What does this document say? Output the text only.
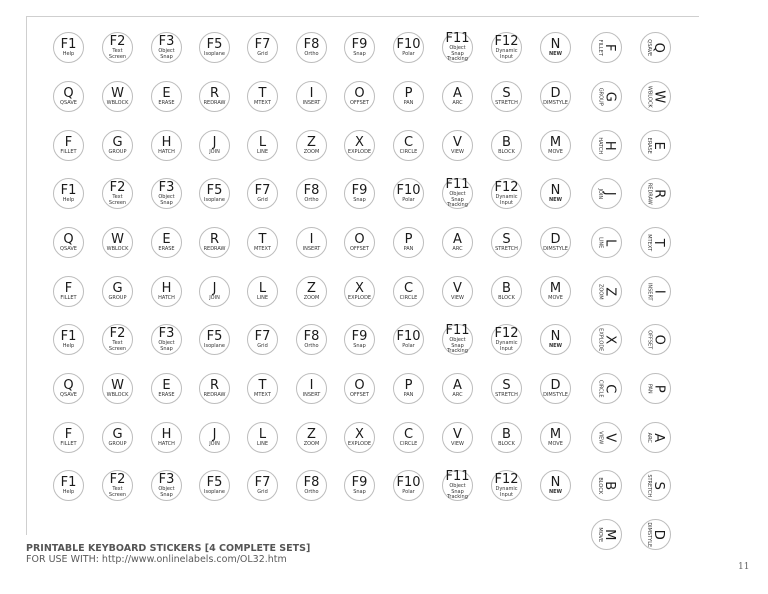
F1
Help
F2
Text
Screen
F3
Object
Snap
F5
Isoplane
F7
Grid
F8
Ortho
F9
Snap
F10
Polar
F11
Object Snap
Tracking
F12
Dynamic
Input
N
NEW
Q
QSAVE
W
WBLOCK
E
ERASE
R
REDRAW
T
MTEXT
I
INSERT
O
OFFSET
P
PAN
A
ARC
S
STRETCH
D
DIMSTYLE
F
FILLET
G
GROUP
H
HATCH
J
JOIN
L
LINE
Z
ZOOM
X
EXPLODE
C
CIRCLE
V
VIEW
B
BLOCK
M
MOVE
F1
Help
F2
Text
Screen
F3
Object
Snap
F5
Isoplane
F7
Grid
F8
Ortho
F9
Snap
F10
Polar
F11
Object Snap
Tracking
F12
Dynamic
Input
N
NEW
Q
QSAVE
W
WBLOCK
E
ERASE
R
REDRAW
T
MTEXT
I
INSERT
O
OFFSET
P
PAN
A
ARC
S
STRETCH
D
DIMSTYLE
F
FILLET
G
GROUP
H
HATCH
J
JOIN
L
LINE
Z
ZOOM
X
EXPLODE
C
CIRCLE
V
VIEW
B
BLOCK
M
MOVE
F1
Help
F2
Text
Screen
F3
Object
Snap
F5
Isoplane
F7
Grid
F8
Ortho
F9
Snap
F10
Polar
F11
Object Snap
Tracking
F12
Dynamic
Input
N
NEW
Q
QSAVE
W
WBLOCK
E
ERASE
R
REDRAW
T
MTEXT
I
INSERT
O
OFFSET
P
PAN
A
ARC
S
STRETCH
D
DIMSTYLE
F
FILLET
G
GROUP
H
HATCH
J
JOIN
L
LINE
Z
ZOOM
X
EXPLODE
C
CIRCLE
V
VIEW
B
BLOCK
M
MOVE
F1
Help
F2
Text
Screen
F3
Object
Snap
F5
Isoplane
F7
Grid
F8
Ortho
F9
Snap
F10
Polar
F11
Object Snap
Tracking
F12
Dynamic
Input
N
NEW
F
FILLET	Q
QSAVE
G
GROUP	W
WBLOCK
H
HATCH	E
ERASE
J
JOIN	R
REDRAW
L
LINE	T
MTEXT
Z
ZOOM	I
INSERT
X
EXPLODE	O
OFFSET
C
CIRCLE	P
PAN
V
VIEW	A
ARC
B
BLOCK	S
STRETCH
M
MOVE	D
DIMSTYLE
PRINTABLE KEYBOARD STICKERS [4 COMPLETE SETS]
FOR USE WITH: http://www.onlinelabels.com/OL32.htm
11
